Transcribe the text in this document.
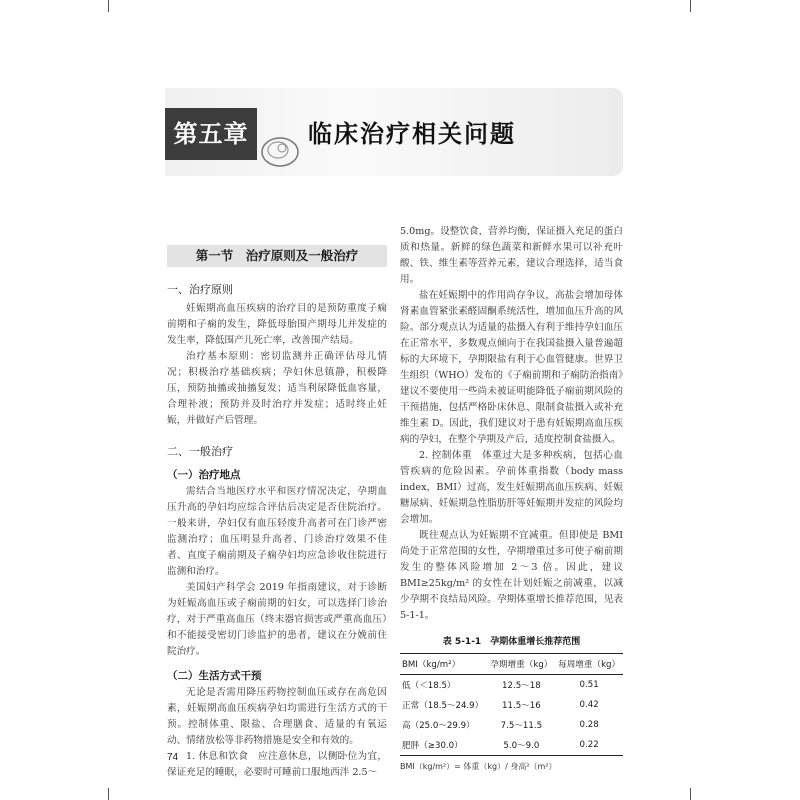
第五章	临床治疗相关问题
第一节　治疗原则及一般治疗
一、治疗原则

妊娠期高血压疾病的治疗目的是预防重度子痫前期和子痫的发生，降低母胎围产期母儿并发症的发生率，降低围产儿死亡率，改善围产结局。

治疗基本原则：密切监测并正确评估母儿情况；积极治疗基础疾病；孕妇休息镇静，积极降压，预防抽搐或抽搐复发；适当利尿降低血容量，合理补液；预防并及时治疗并发症；适时终止妊娠，并做好产后管理。

二、一般治疗
（一）治疗地点

需结合当地医疗水平和医疗情况决定，孕期血压升高的孕妇均应综合评估后决定是否住院治疗。一般来讲，孕妇仅有血压轻度升高者可在门诊严密监测治疗；血压明显升高者、门诊治疗效果不佳者、直度子痫前期及子痫孕妇均应急诊收住院进行监测和治疗。

美国妇产科学会 2019 年指南建议，对于诊断为妊娠高血压或子痫前期的妇女，可以选择门诊治疗，对于严重高血压（终末器官损害或严重高血压）和不能接受密切门诊监护的患者，建议在分娩前住院治疗。

（二）生活方式干预

无论是否需用降压药物控制血压或存在高危因素，妊娠期高血压疾病孕妇均需进行生活方式的干预。控制体重、限盐、合理膳食、适量的有氧运动、情绪放松等非药物措施是安全和有效的。

1. 休息和饮食　应注意休息，以侧卧位为宜，保证充足的睡眠，必要时可睡前口服地西泮 2.5～

5.0mg。设整饮食，营养均衡，保证摄入充足的蛋白质和热量。新鲜的绿色蔬菜和新鲜水果可以补充叶酸、铁、维生素等营养元素，建议合理选择，适当食用。

盐在妊娠期中的作用尚存争议，高盐会增加母体肾素血管紧张素醛固酮系统活性，增加血压升高的风险。部分观点认为适量的盐摄入有利于维持孕妇血压在正常水平，多数观点倾向于在我国盐摄入量普遍超标的大环境下，孕期限盐有利于心血管健康。世界卫生组织（WHO）发布的《子痫前期和子痫防治指南》建议不要使用一些尚未被证明能降低子痫前期风险的干预措施，包括严格卧床休息、限制食盐摄入或补充维生素 D。因此，我们建议对于患有妊娠期高血压疾病的孕妇，在整个孕期及产后，适度控制食盐摄入。

2. 控制体重　体重过大是多种疾病，包括心血管疾病的危险因素。孕前体重指数（body mass index，BMI）过高，发生妊娠期高血压疾病、妊娠糖尿病、妊娠期急性脂肪肝等妊娠期并发症的风险均会增加。

既往观点认为妊娠期不宜减重。但即使是 BMI 尚处于正常范围的女性，孕期增重过多可使子痫前期发生的整体风险增加 2～3 倍。因此，建议 BMI≥25kg/m² 的女性在计划妊娠之前减重，以减少孕期不良结局风险。孕期体重增长推荐范围，见表 5-1-1。

表 5-1-1　孕期体重增长推荐范围
BMI（kg/m²）	孕期增重（kg）	每周增重（kg）
低（＜18.5）	12.5～18	0.51
正常（18.5～24.9）	11.5～16	0.42
高（25.0～29.9）	7.5～11.5	0.28
肥胖（≥30.0）	5.0～9.0	0.22
BMI（kg/m²）= 体重（kg）/ 身高²（m²）
74
